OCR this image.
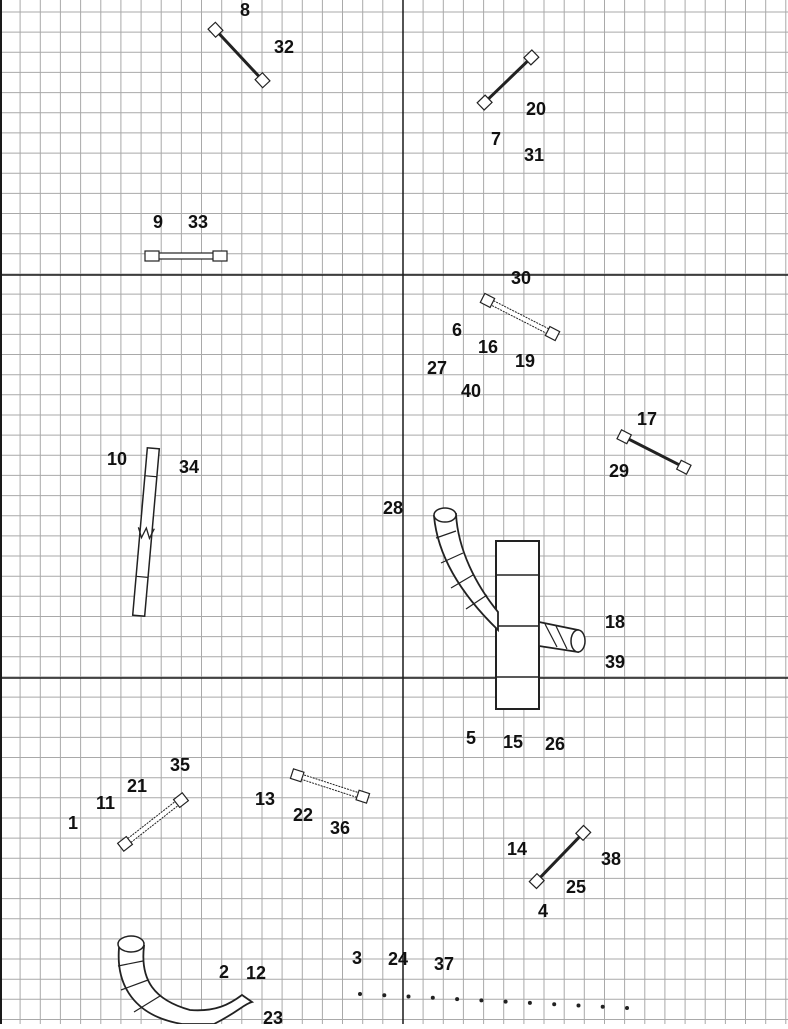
8
32
20
7
31
9 33
30
6
16
19
27
40
17
29
10	34
28
18
39
5 15 26
35
21
11
1
13
22
36
14	38
25
4
2 12
3 24 37
23
